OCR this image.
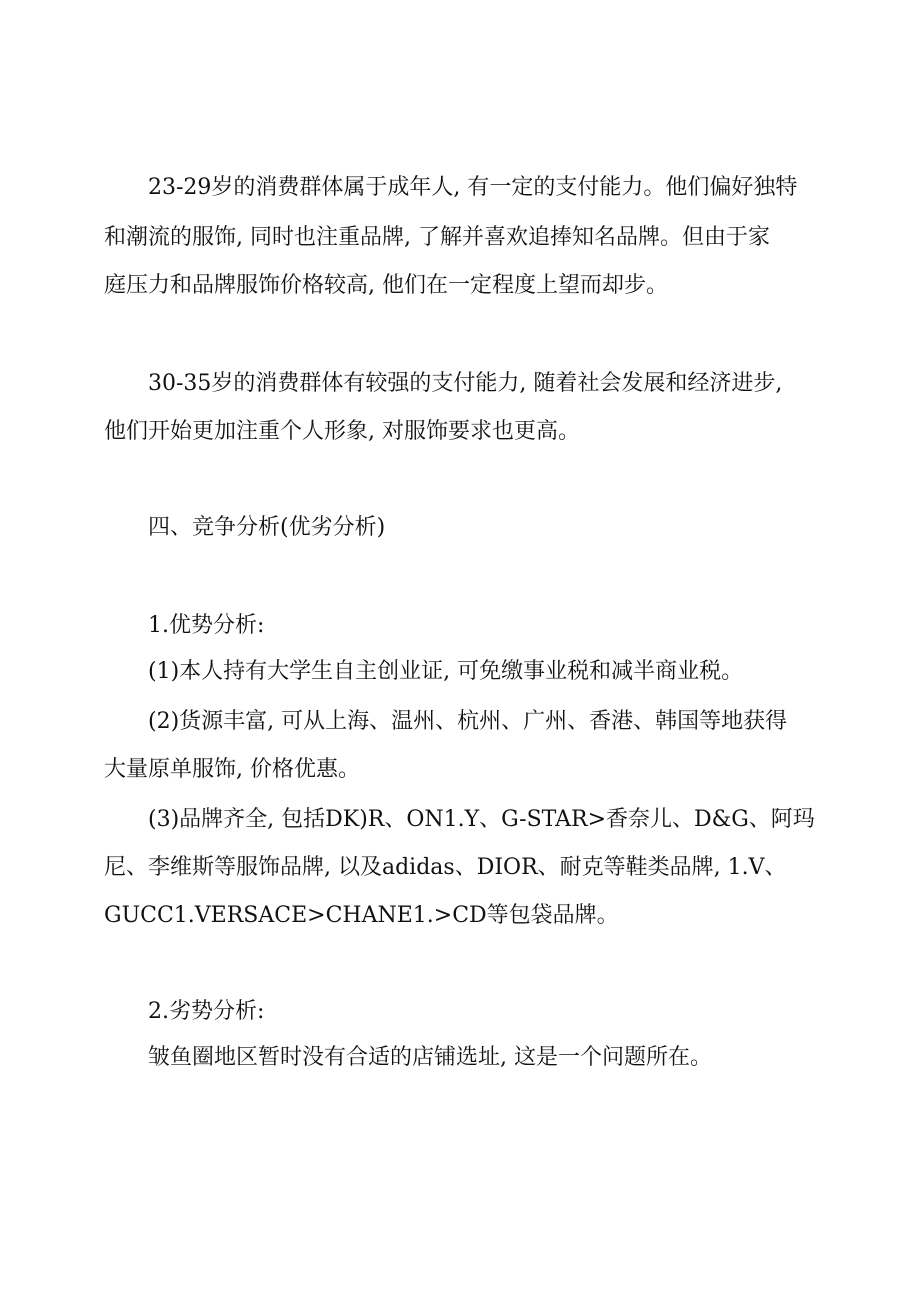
23-29岁的消费群体属于成年人, 有一定的支付能力。他们偏好独特
和潮流的服饰, 同时也注重品牌, 了解并喜欢追捧知名品牌。但由于家
庭压力和品牌服饰价格较高, 他们在一定程度上望而却步。
30-35岁的消费群体有较强的支付能力, 随着社会发展和经济进步,
他们开始更加注重个人形象, 对服饰要求也更高。
四、竞争分析(优劣分析)
1.优势分析:
(1)本人持有大学生自主创业证, 可免缴事业税和减半商业税。
(2)货源丰富, 可从上海、温州、杭州、广州、香港、韩国等地获得
大量原单服饰, 价格优惠。
(3)品牌齐全, 包括DK)R、ON1.Y、G-STAR>香奈儿、D&G、阿玛
尼、李维斯等服饰品牌, 以及adidas、DIOR、耐克等鞋类品牌, 1.V、
GUCC1.VERSACE>CHANE1.>CD等包袋品牌。
2.劣势分析:
皱鱼圈地区暂时没有合适的店铺选址, 这是一个问题所在。
